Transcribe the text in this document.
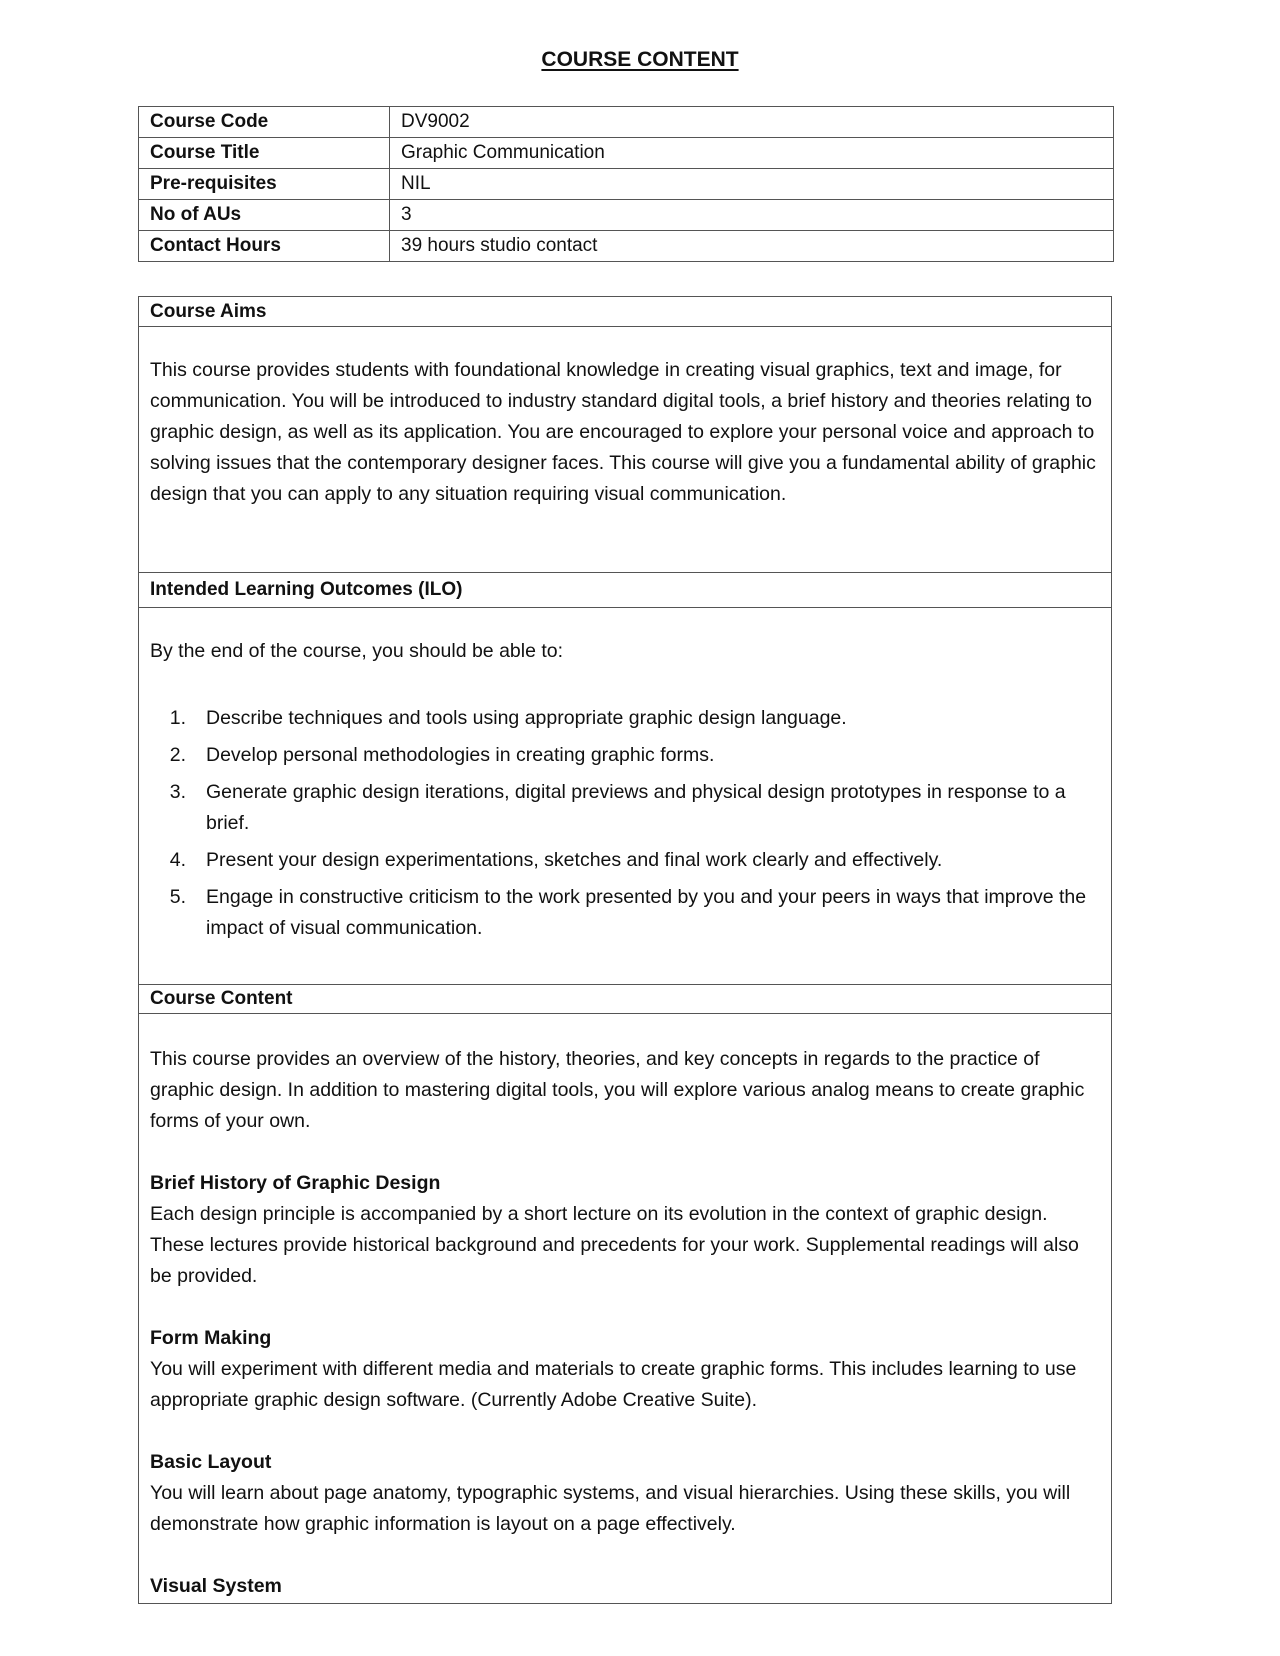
COURSE CONTENT
Course Code	DV9002
Course Title	Graphic Communication
Pre-requisites	NIL
No of AUs	3
Contact Hours	39 hours studio contact
Course Aims

This course provides students with foundational knowledge in creating visual graphics, text and image, for communication. You will be introduced to industry standard digital tools, a brief history and theories relating to graphic design, as well as its application. You are encouraged to explore your personal voice and approach to solving issues that the contemporary designer faces. This course will give you a fundamental ability of graphic design that you can apply to any situation requiring visual communication.

Intended Learning Outcomes (ILO)

By the end of the course, you should be able to:

1.	Describe techniques and tools using appropriate graphic design language.
2.	Develop personal methodologies in creating graphic forms.
3.	Generate graphic design iterations, digital previews and physical design prototypes in response to a brief.
4.	Present your design experimentations, sketches and final work clearly and effectively.
5.	Engage in constructive criticism to the work presented by you and your peers in ways that improve the impact of visual communication.
Course Content

This course provides an overview of the history, theories, and key concepts in regards to the practice of graphic design. In addition to mastering digital tools, you will explore various analog means to create graphic forms of your own.

Brief History of Graphic Design

Each design principle is accompanied by a short lecture on its evolution in the context of graphic design. These lectures provide historical background and precedents for your work. Supplemental readings will also be provided.

Form Making

You will experiment with different media and materials to create graphic forms. This includes learning to use appropriate graphic design software. (Currently Adobe Creative Suite).

Basic Layout

You will learn about page anatomy, typographic systems, and visual hierarchies. Using these skills, you will demonstrate how graphic information is layout on a page effectively.

Visual System
